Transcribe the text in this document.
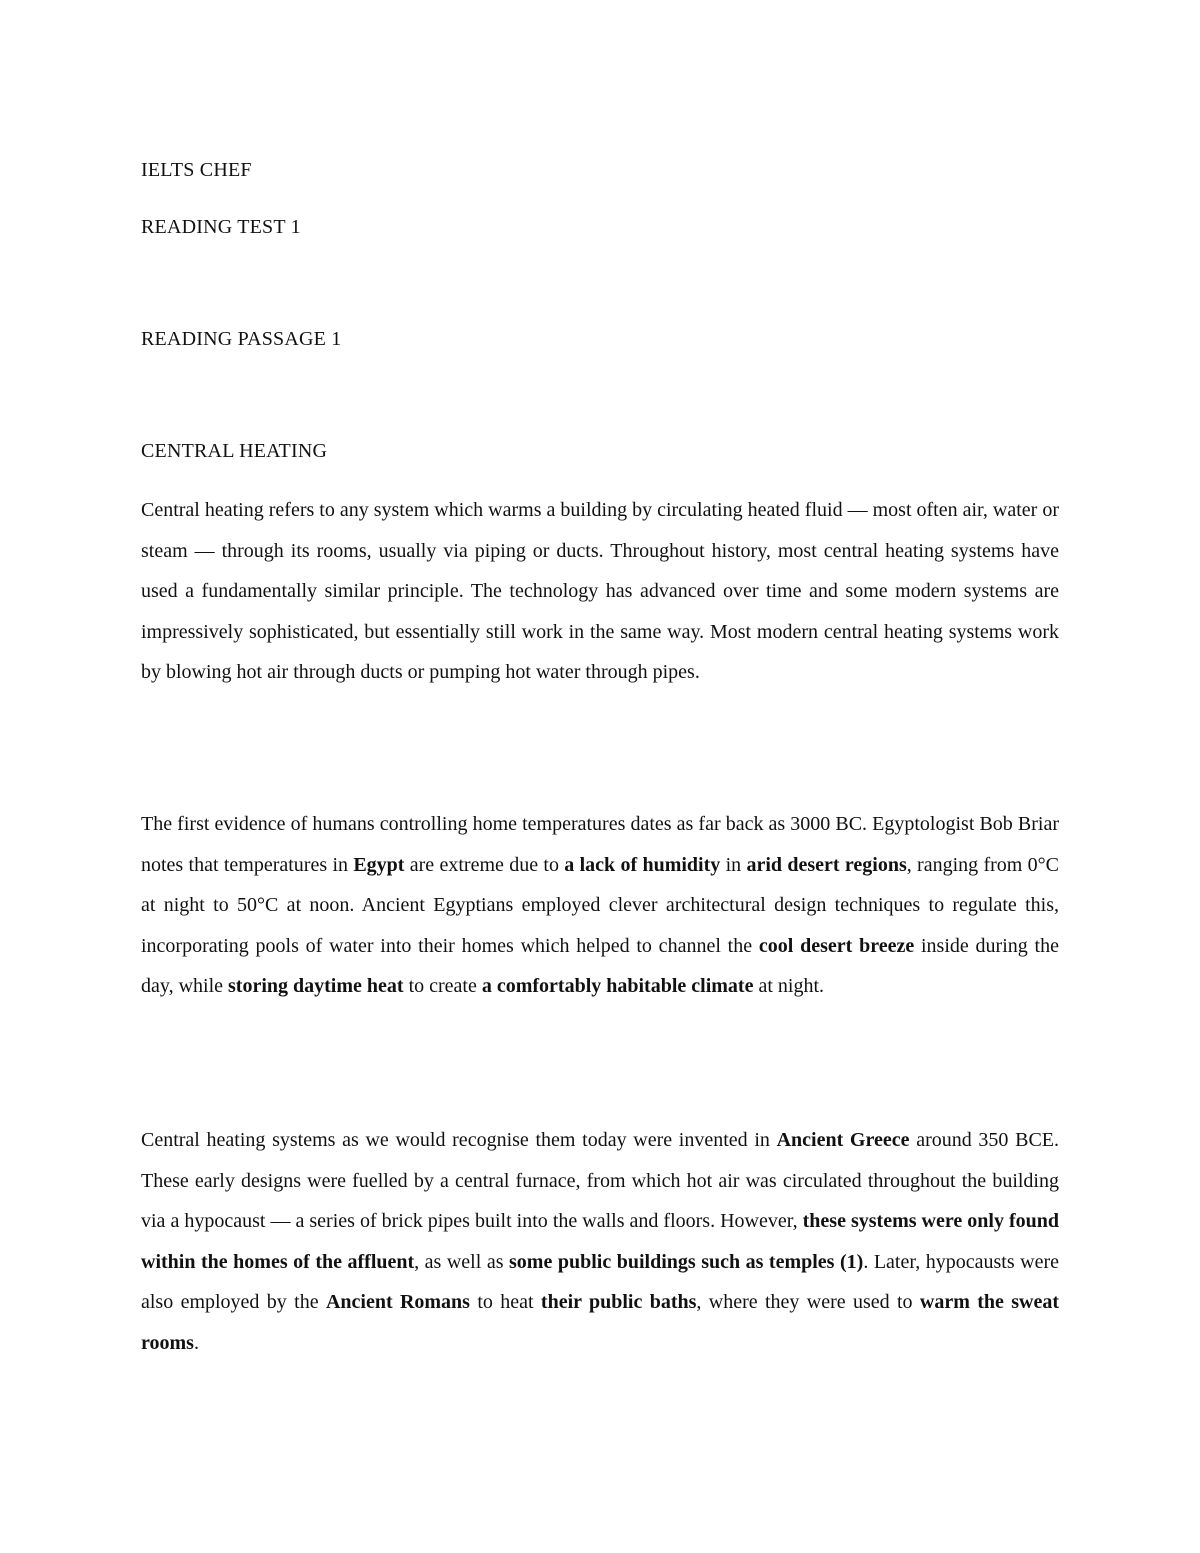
IELTS CHEF
READING TEST 1
READING PASSAGE 1
CENTRAL HEATING

Central heating refers to any system which warms a building by circulating heated fluid — most often air, water or steam — through its rooms, usually via piping or ducts. Throughout history, most central heating systems have used a fundamentally similar principle. The technology has advanced over time and some modern systems are impressively sophisticated, but essentially still work in the same way. Most modern central heating systems work by blowing hot air through ducts or pumping hot water through pipes.

The first evidence of humans controlling home temperatures dates as far back as 3000 BC. Egyptologist Bob Briar notes that temperatures in Egypt are extreme due to a lack of humidity in arid desert regions, ranging from 0°C at night to 50°C at noon. Ancient Egyptians employed clever architectural design techniques to regulate this, incorporating pools of water into their homes which helped to channel the cool desert breeze inside during the day, while storing daytime heat to create a comfortably habitable climate at night.

Central heating systems as we would recognise them today were invented in Ancient Greece around 350 BCE. These early designs were fuelled by a central furnace, from which hot air was circulated throughout the building via a hypocaust — a series of brick pipes built into the walls and floors. However, these systems were only found within the homes of the affluent, as well as some public buildings such as temples (1). Later, hypocausts were also employed by the Ancient Romans to heat their public baths, where they were used to warm the sweat rooms.
